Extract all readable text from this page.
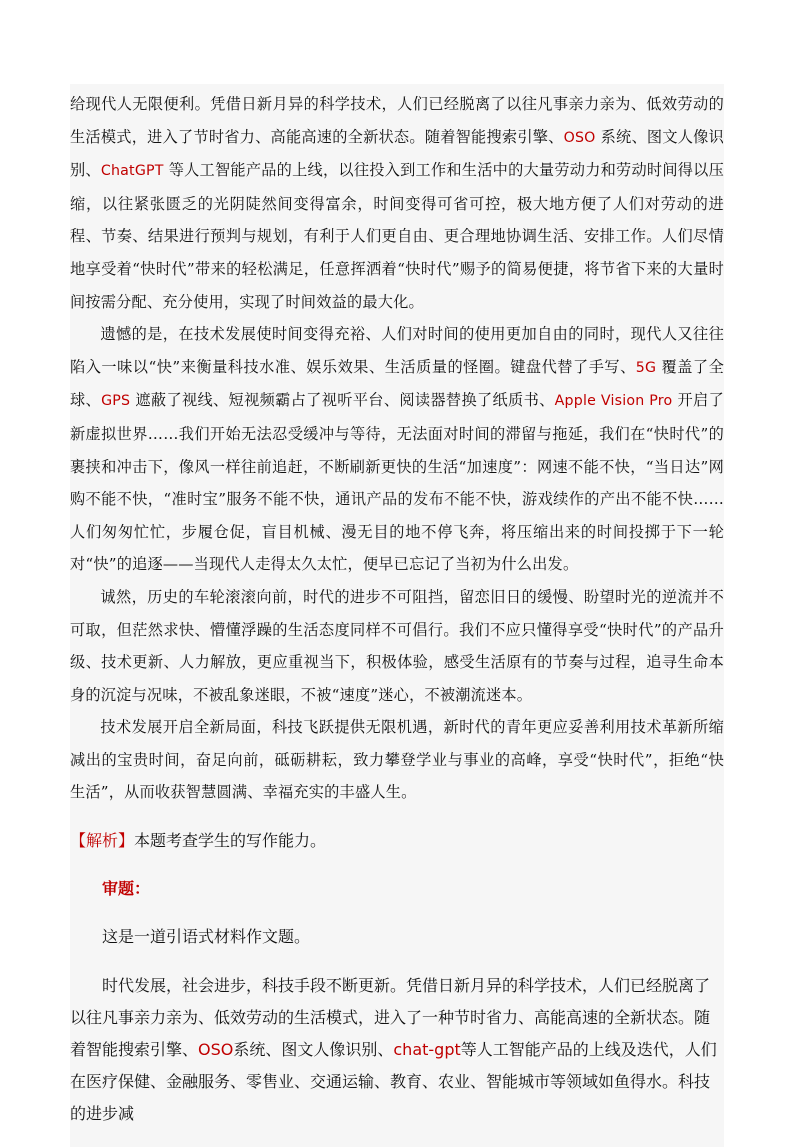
给现代人无限便利。凭借日新月异的科学技术，人们已经脱离了以往凡事亲力亲为、低效劳动的生活模式，进入了节时省力、高能高速的全新状态。随着智能搜索引擎、OSO 系统、图文人像识别、ChatGPT 等人工智能产品的上线，以往投入到工作和生活中的大量劳动力和劳动时间得以压缩，以往紧张匮乏的光阴陡然间变得富余，时间变得可省可控，极大地方便了人们对劳动的进程、节奏、结果进行预判与规划，有利于人们更自由、更合理地协调生活、安排工作。人们尽情地享受着“快时代”带来的轻松满足，任意挥洒着“快时代”赐予的简易便捷，将节省下来的大量时间按需分配、充分使用，实现了时间效益的最大化。

遗憾的是，在技术发展使时间变得充裕、人们对时间的使用更加自由的同时，现代人又往往陷入一味以“快”来衡量科技水准、娱乐效果、生活质量的怪圈。键盘代替了手写、5G 覆盖了全球、GPS 遮蔽了视线、短视频霸占了视听平台、阅读器替换了纸质书、Apple Vision Pro 开启了新虚拟世界……我们开始无法忍受缓冲与等待，无法面对时间的滞留与拖延，我们在“快时代”的裹挟和冲击下，像风一样往前追赶，不断刷新更快的生活“加速度”：网速不能不快，“当日达”网购不能不快，“准时宝”服务不能不快，通讯产品的发布不能不快，游戏续作的产出不能不快……人们匆匆忙忙，步履仓促，盲目机械、漫无目的地不停飞奔，将压缩出来的时间投掷于下一轮对“快”的追逐——当现代人走得太久太忙，便早已忘记了当初为什么出发。

诚然，历史的车轮滚滚向前，时代的进步不可阻挡，留恋旧日的缓慢、盼望时光的逆流并不可取，但茫然求快、懵懂浮躁的生活态度同样不可倡行。我们不应只懂得享受“快时代”的产品升级、技术更新、人力解放，更应重视当下，积极体验，感受生活原有的节奏与过程，追寻生命本身的沉淀与况味，不被乱象迷眼，不被“速度”迷心，不被潮流迷本。

技术发展开启全新局面，科技飞跃提供无限机遇，新时代的青年更应妥善利用技术革新所缩减出的宝贵时间，奋足向前，砥砺耕耘，致力攀登学业与事业的高峰，享受“快时代”，拒绝“快生活”，从而收获智慧圆满、幸福充实的丰盛人生。

【解析】本题考查学生的写作能力。

审题：

这是一道引语式材料作文题。

时代发展，社会进步，科技手段不断更新。凭借日新月异的科学技术，人们已经脱离了以往凡事亲力亲为、低效劳动的生活模式，进入了一种节时省力、高能高速的全新状态。随着智能搜索引擎、OSO系统、图文人像识别、chat-gpt等人工智能产品的上线及迭代，人们在医疗保健、金融服务、零售业、交通运输、教育、农业、智能城市等领域如鱼得水。科技的进步减
